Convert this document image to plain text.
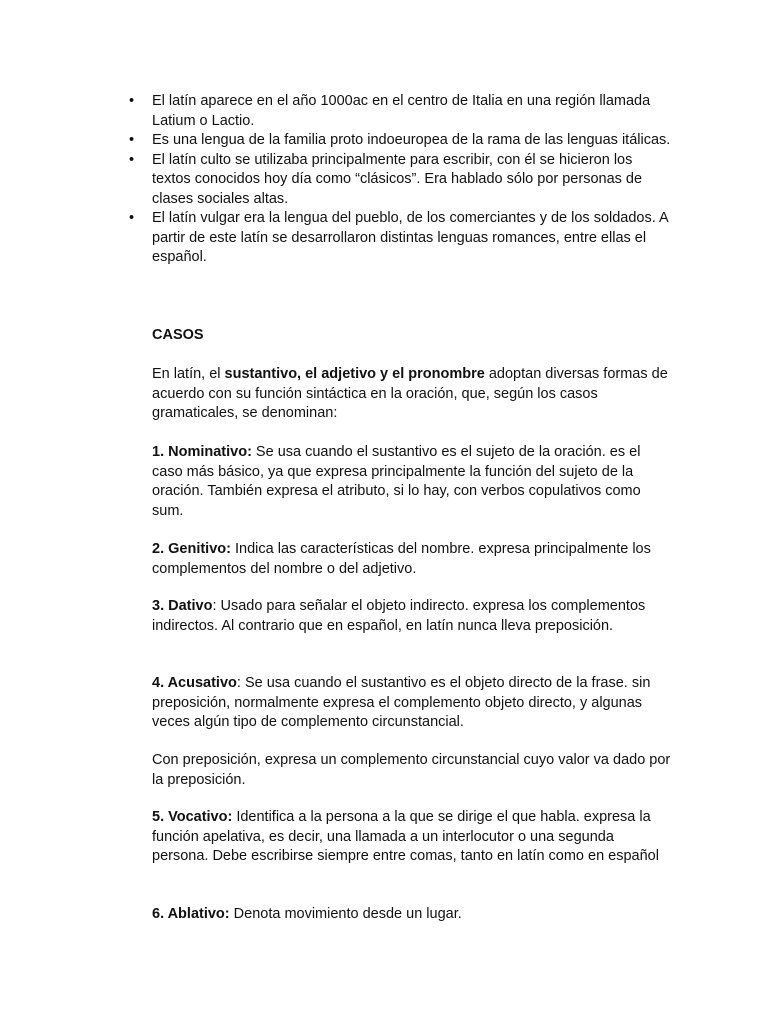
• El latín aparece en el año 1000ac en el centro de Italia en una región llamada Latium o Lactio.
• Es una lengua de la familia proto indoeuropea de la rama de las lenguas itálicas.
• El latín culto se utilizaba principalmente para escribir, con él se hicieron los textos conocidos hoy día como “clásicos”. Era hablado sólo por personas de clases sociales altas.
• El latín vulgar era la lengua del pueblo, de los comerciantes y de los soldados. A partir de este latín se desarrollaron distintas lenguas romances, entre ellas el español.

CASOS

En latín, el sustantivo, el adjetivo y el pronombre adoptan diversas formas de acuerdo con su función sintáctica en la oración, que, según los casos gramaticales, se denominan:

1. Nominativo: Se usa cuando el sustantivo es el sujeto de la oración. es el caso más básico, ya que expresa principalmente la función del sujeto de la oración. También expresa el atributo, si lo hay, con verbos copulativos como sum.

2. Genitivo: Indica las características del nombre. expresa principalmente los complementos del nombre o del adjetivo.

3. Dativo: Usado para señalar el objeto indirecto. expresa los complementos indirectos. Al contrario que en español, en latín nunca lleva preposición.

4. Acusativo: Se usa cuando el sustantivo es el objeto directo de la frase. sin preposición, normalmente expresa el complemento objeto directo, y algunas veces algún tipo de complemento circunstancial.

Con preposición, expresa un complemento circunstancial cuyo valor va dado por la preposición.

5. Vocativo: Identifica a la persona a la que se dirige el que habla. expresa la función apelativa, es decir, una llamada a un interlocutor o una segunda persona. Debe escribirse siempre entre comas, tanto en latín como en español

6. Ablativo: Denota movimiento desde un lugar.
